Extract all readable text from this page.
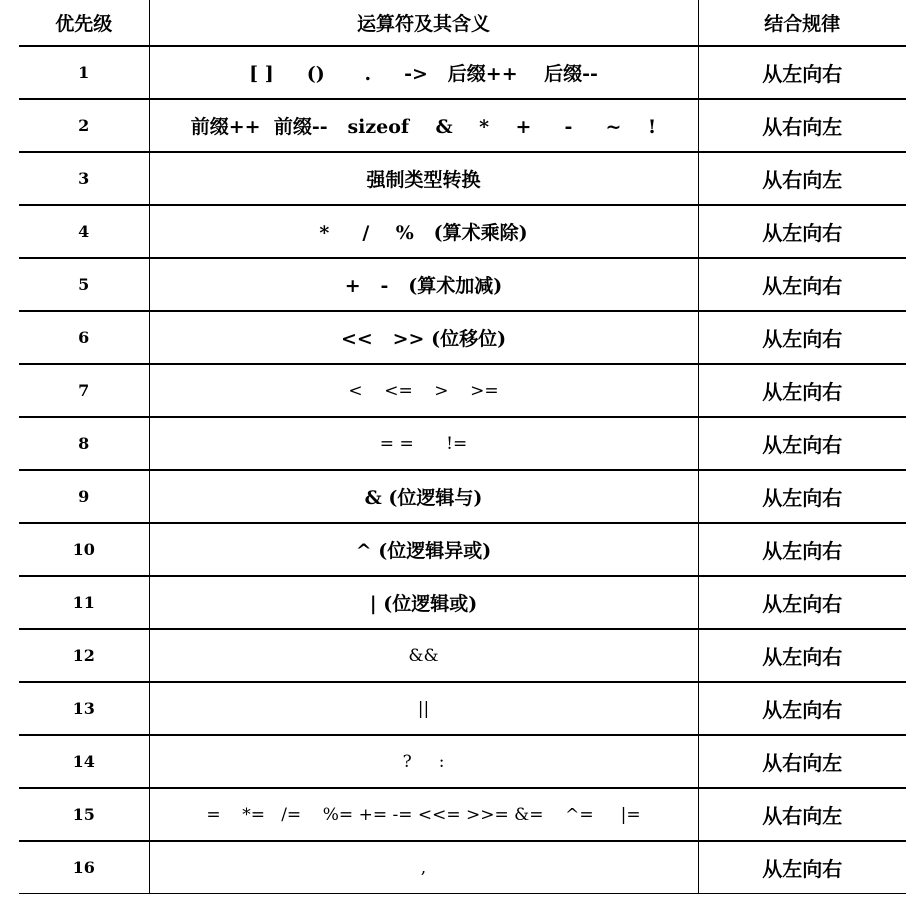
优先级	运算符及其含义	结合规律
1	[ ]     ()      .     ->   后缀++    后缀--	从左向右
2	前缀++  前缀--   sizeof    &    *    +     -     ~    !	从右向左
3	强制类型转换	从右向左
4	*     /    %   (算术乘除)	从左向右
5	+   -   (算术加减)	从左向右
6	<<   >> (位移位)	从左向右
7	<    <=    >    >=	从左向右
8	= =      !=	从左向右
9	& (位逻辑与)	从左向右
10	^ (位逻辑异或)	从左向右
11	| (位逻辑或)	从左向右
12	&&	从左向右
13	||	从左向右
14	?     :	从右向左
15	=    *=   /=    %= += -= <<= >>= &=    ^=     |=	从右向左
16	,	从左向右
